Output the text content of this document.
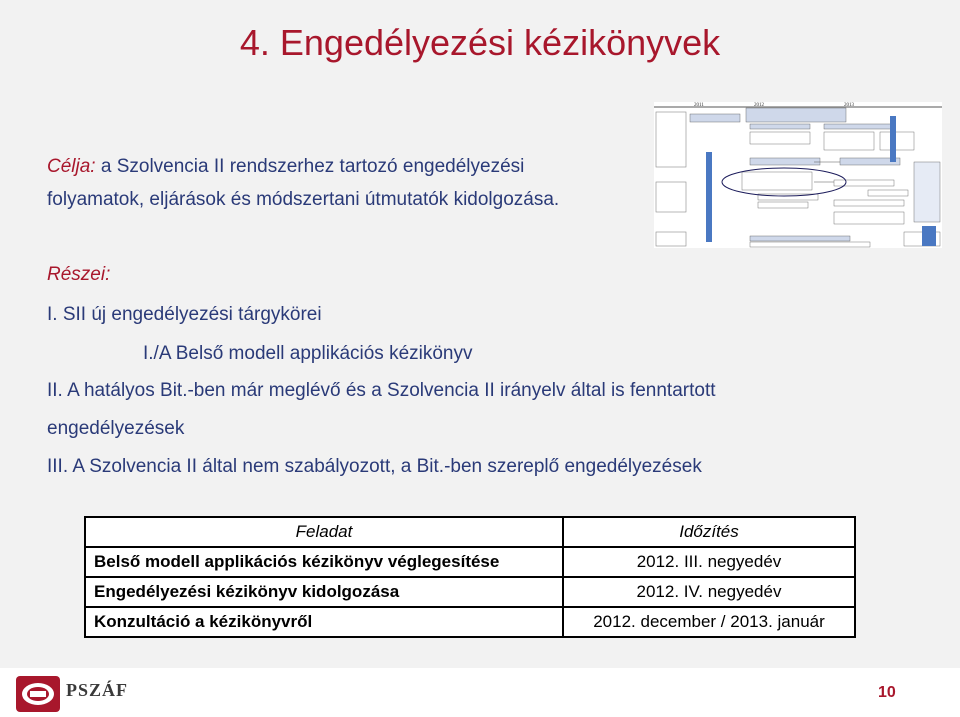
4. Engedélyezési kézikönyvek
Célja: a Szolvencia II rendszerhez tartozó engedélyezési
folyamatok, eljárások és módszertani útmutatók kidolgozása.
Részei:
I. SII új engedélyezési tárgykörei
I./A Belső modell applikációs kézikönyv
II. A hatályos Bit.-ben már meglévő és a Szolvencia II irányelv által is fenntartott
engedélyezések
III. A Szolvencia II által nem szabályozott, a Bit.-ben szereplő engedélyezések
2011	2012	2013
Feladat	Időzítés
Belső modell applikációs kézikönyv véglegesítése	2012. III. negyedév
Engedélyezési kézikönyv kidolgozása	2012. IV. negyedév
Konzultáció a kézikönyvről	2012. december / 2013. január
PSZÁF	10
